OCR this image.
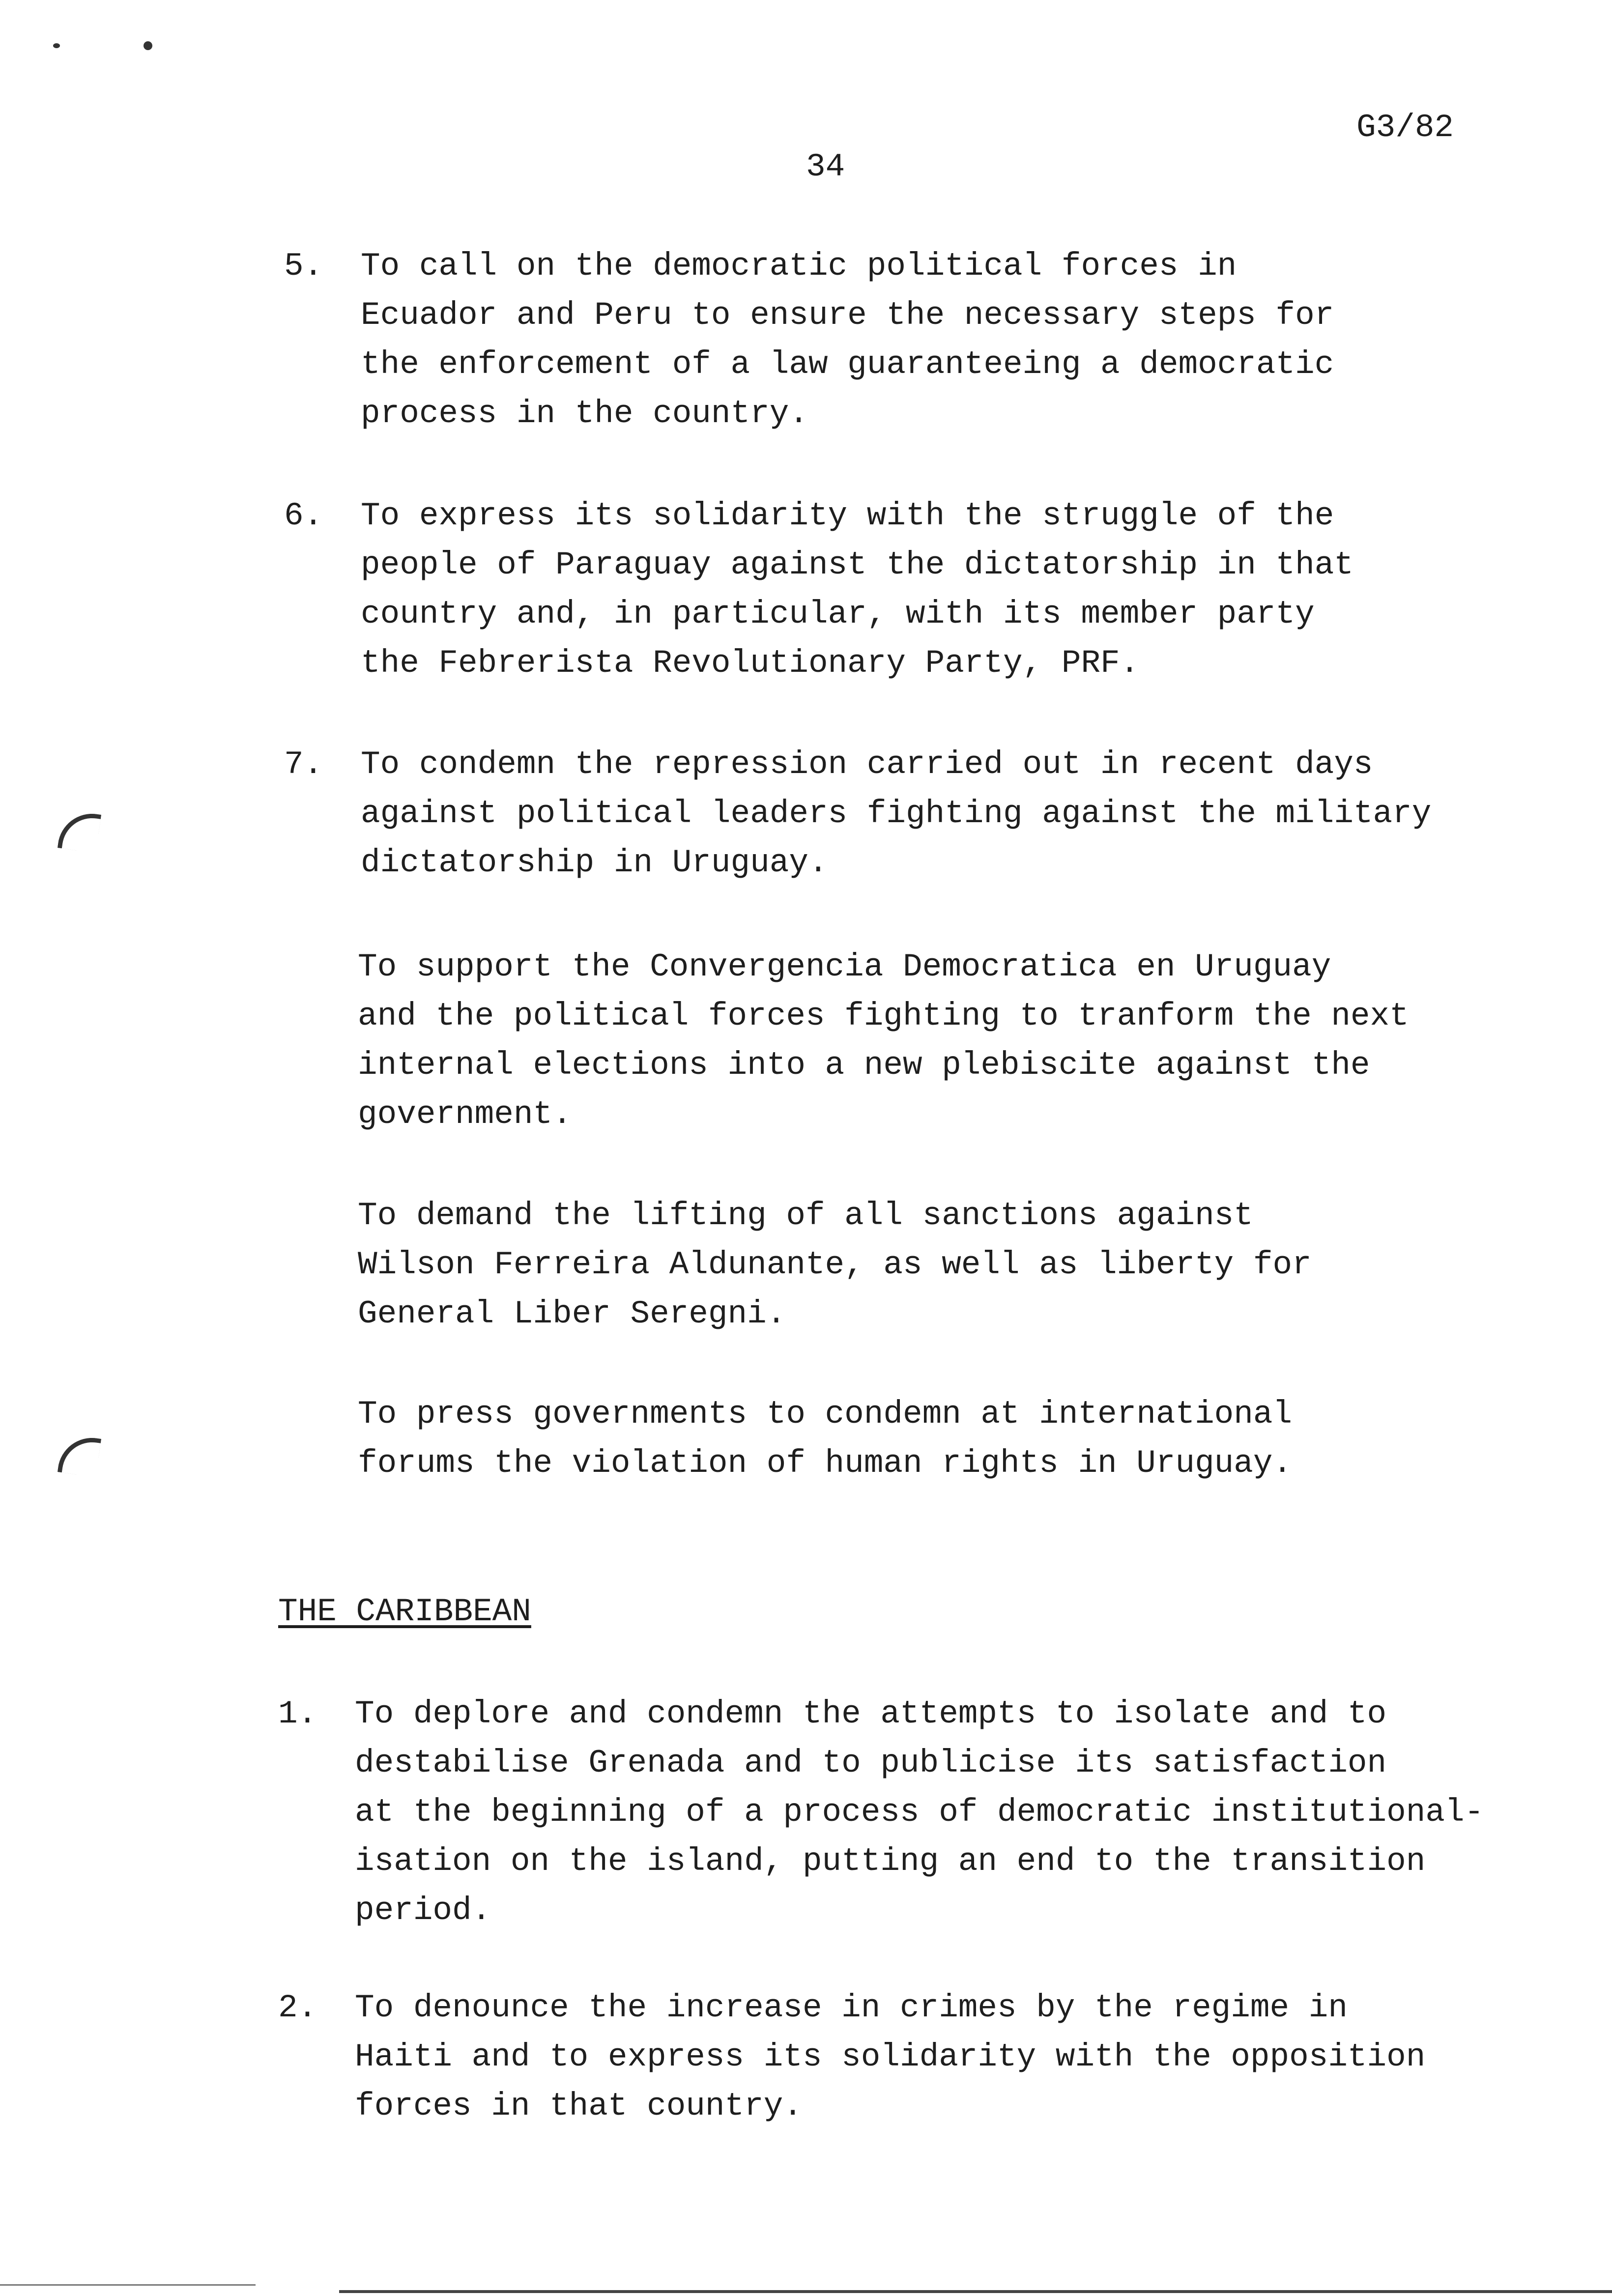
G3/82
34
5. To call on the democratic political forces in
Ecuador and Peru to ensure the necessary steps for
the enforcement of a law guaranteeing a democratic
process in the country.
6. To express its solidarity with the struggle of the
people of Paraguay against the dictatorship in that
country and, in particular, with its member party
the Febrerista Revolutionary Party, PRF.
7. To condemn the repression carried out in recent days
against political leaders fighting against the military
dictatorship in Uruguay.
To support the Convergencia Democratica en Uruguay
and the political forces fighting to tranform the next
internal elections into a new plebiscite against the
government.
To demand the lifting of all sanctions against
Wilson Ferreira Aldunante, as well as liberty for
General Liber Seregni.
To press governments to condemn at international
forums the violation of human rights in Uruguay.
THE CARIBBEAN
1. To deplore and condemn the attempts to isolate and to
destabilise Grenada and to publicise its satisfaction
at the beginning of a process of democratic institutional-
isation on the island, putting an end to the transition
period.
2. To denounce the increase in crimes by the regime in
Haiti and to express its solidarity with the opposition
forces in that country.
